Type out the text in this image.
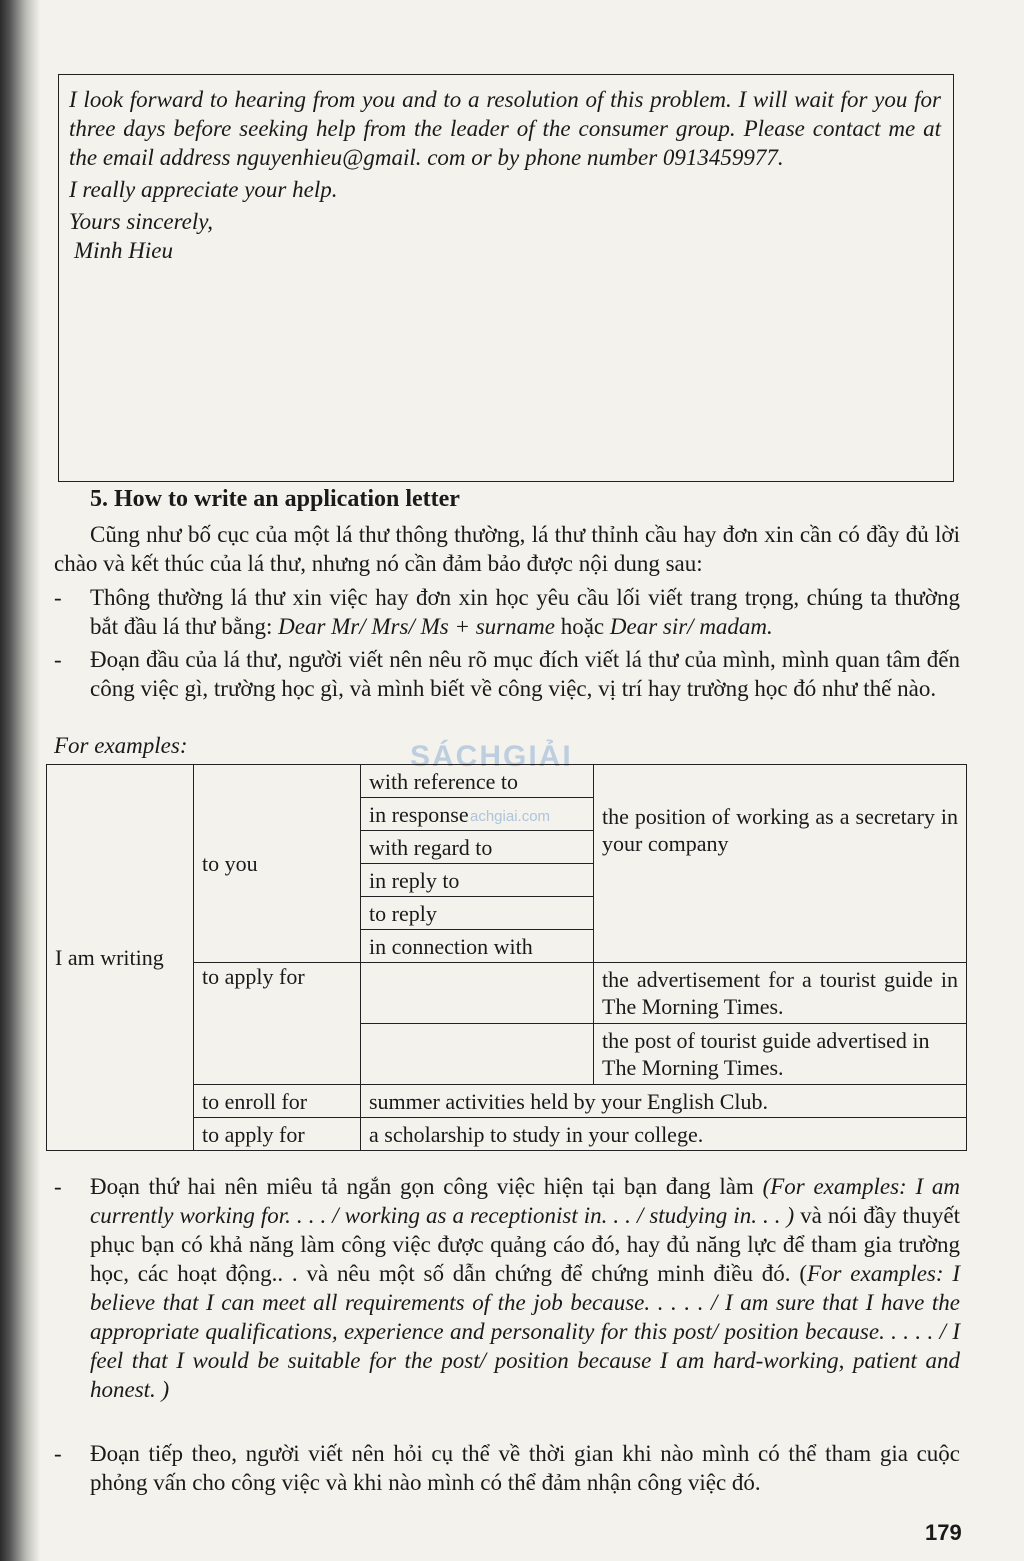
I look forward to hearing from you and to a resolution of this problem. I will wait for you for three days before seeking help from the leader of the consumer group. Please contact me at the email address nguyenhieu@gmail. com or by phone number 0913459977.

I really appreciate your help.

Yours sincerely,

Minh Hieu

5. How to write an application letter
Cũng như bố cục của một lá thư thông thường, lá thư thỉnh cầu hay đơn xin cần có đầy đủ lời chào và kết thúc của lá thư, nhưng nó cần đảm bảo được nội dung sau:
- Thông thường lá thư xin việc hay đơn xin học yêu cầu lối viết trang trọng, chúng ta thường bắt đầu lá thư bằng: Dear Mr/ Mrs/ Ms + surname hoặc Dear sir/ madam.
- Đoạn đầu của lá thư, người viết nên nêu rõ mục đích viết lá thư của mình, mình quan tâm đến công việc gì, trường học gì, và mình biết về công việc, vị trí hay trường học đó như thế nào.
For examples:	SÁCHGIẢI
achgiai.com
I am writing	to you	with reference to	the position of working as a secretary in your company
		in response	
		with regard to	
		in reply to	
		to reply	
		in connection with	
	to apply for		the advertisement for a tourist guide in The Morning Times.
			the post of tourist guide advertised in The Morning Times.
	to enroll for	summer activities held by your English Club.	
	to apply for	a scholarship to study in your college.	
- Đoạn thứ hai nên miêu tả ngắn gọn công việc hiện tại bạn đang làm (For examples: I am currently working for. . . . / working as a receptionist in. . . / studying in. . . ) và nói đầy thuyết phục bạn có khả năng làm công việc được quảng cáo đó, hay đủ năng lực để tham gia trường học, các hoạt động.. . và nêu một số dẫn chứng để chứng minh điều đó. (For examples: I believe that I can meet all requirements of the job because. . . . . / I am sure that I have the appropriate qualifications, experience and personality for this post/ position because. . . . . / I feel that I would be suitable for the post/ position because I am hard-working, patient and honest. )
- Đoạn tiếp theo, người viết nên hỏi cụ thể về thời gian khi nào mình có thể tham gia cuộc phỏng vấn cho công việc và khi nào mình có thể đảm nhận công việc đó.
179
